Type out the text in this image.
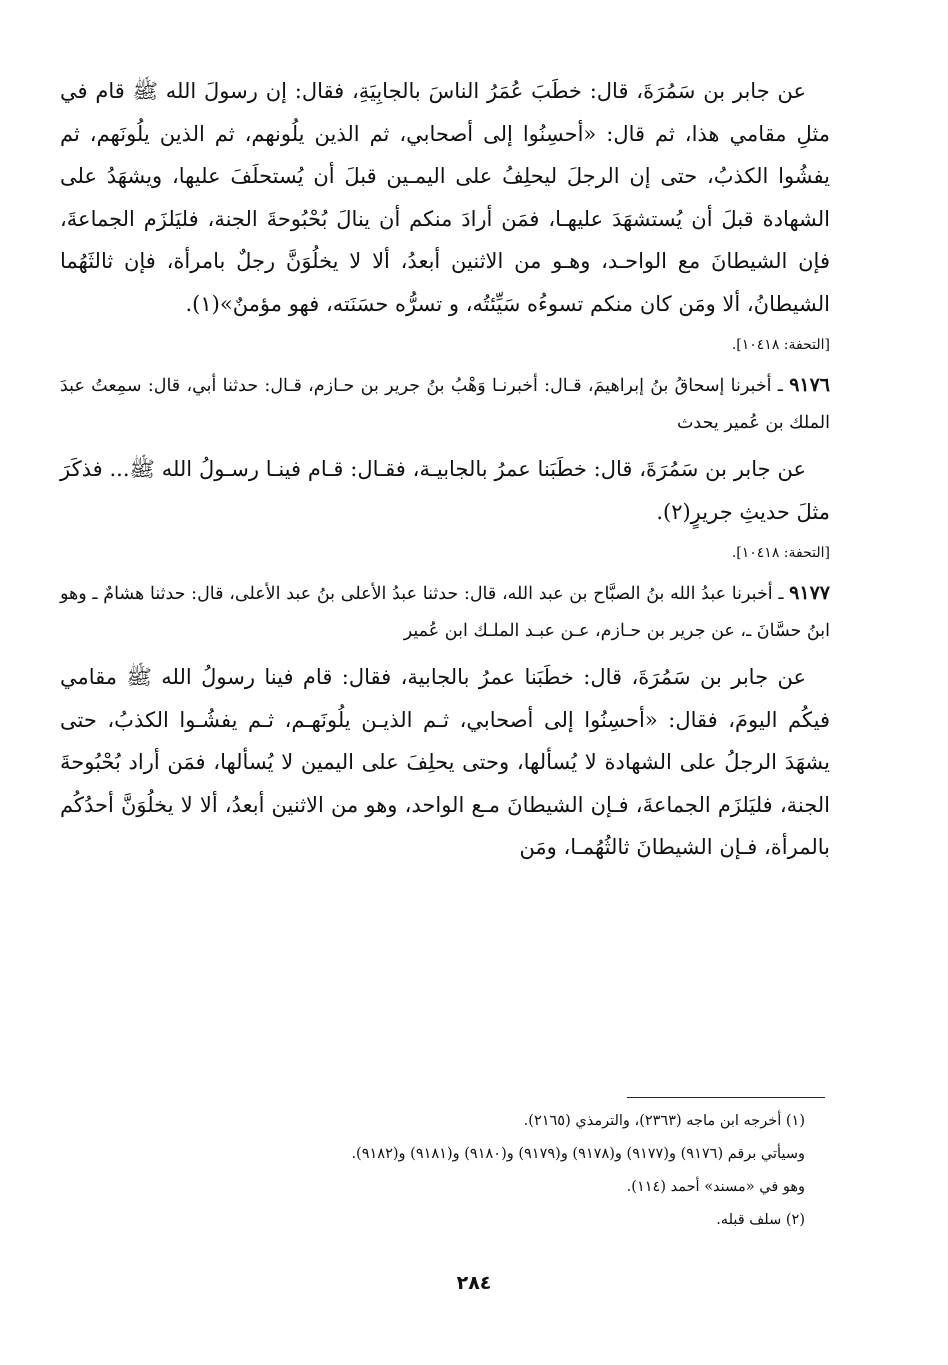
عن جابر بن سَمُرَةَ، قال: خطَبَ عُمَرُ الناسَ بالجابِيَةِ، فقال: إن رسولَ الله ﷺ قام في مثلِ مقامي هذا، ثم قال: «أحسِنُوا إلى أصحابي، ثم الذين يلُونهم، ثم الذين يلُونَهم، ثم يفشُوا الكذبُ، حتى إن الرجلَ ليحلِفُ على اليمـين قبلَ أن يُستحلَفَ عليها، ويشهَدُ على الشهادة قبلَ أن يُستشهَدَ عليهـا، فمَن أرادَ منكم أن ينالَ بُحْبُوحةَ الجنة، فليَلزَم الجماعةَ، فإن الشيطانَ مع الواحـد، وهـو من الاثنين أبعدُ، ألا لا يخلُوَنَّ رجلٌ بامرأة، فإن ثالثَهُما الشيطانُ، ألا ومَن كان منكم تسوءُه سَيِّئتُه، و تسرُّه حسَنَته، فهو مؤمنٌ»(١).

[التحفة: ١٠٤١٨].

٩١٧٦ ـ أخبرنا إسحاقُ بنُ إبراهيمَ، قـال: أخبرنـا وَهْبُ بنُ جرير بن حـازم، قـال: حدثنا أبي، قال: سمِعتُ عبدَ الملك بن عُمير يحدث

عن جابر بن سَمُرَةَ، قال: خطَبَنا عمرُ بالجابيـة، فقـال: قـام فينـا رسـولُ الله ﷺ... فذكَرَ مثلَ حديثِ جريرٍ(٢).

[التحفة: ١٠٤١٨].

٩١٧٧ ـ أخبرنا عبدُ الله بنُ الصبَّاح بن عبد الله، قال: حدثنا عبدُ الأعلى بنُ عبد الأعلى، قال: حدثنا هشامٌ ـ وهو ابنُ حسَّانَ ـ، عن جرير بن حـازم، عـن عبـد الملـك ابن عُمير

عن جابر بن سَمُرَةَ، قال: خطَبَنا عمرُ بالجابية، فقال: قام فينا رسولُ الله ﷺ مقامي فيكُم اليومَ، فقال: «أحسِنُوا إلى أصحابي، ثـم الذيـن يلُونَهـم، ثـم يفشُـوا الكذبُ، حتى يشهَدَ الرجلُ على الشهادة لا يُسألها، وحتى يحلِفَ على اليمين لا يُسألها، فمَن أراد بُحْبُوحةَ الجنة، فليَلزَم الجماعةَ، فـإن الشيطانَ مـع الواحد، وهو من الاثنين أبعدُ، ألا لا يخلُوَنَّ أحدُكُم بالمرأة، فـإن الشيطانَ ثالثُهُمـا، ومَن

(١) أخرجه ابن ماجه (٢٣٦٣)، والترمذي (٢١٦٥).

وسيأتي برقم (٩١٧٦) و(٩١٧٧) و(٩١٧٨) و(٩١٧٩) و(٩١٨٠) و(٩١٨١) و(٩١٨٢).

وهو في «مسند» أحمد (١١٤).

(٢) سلف قبله.

٢٨٤
